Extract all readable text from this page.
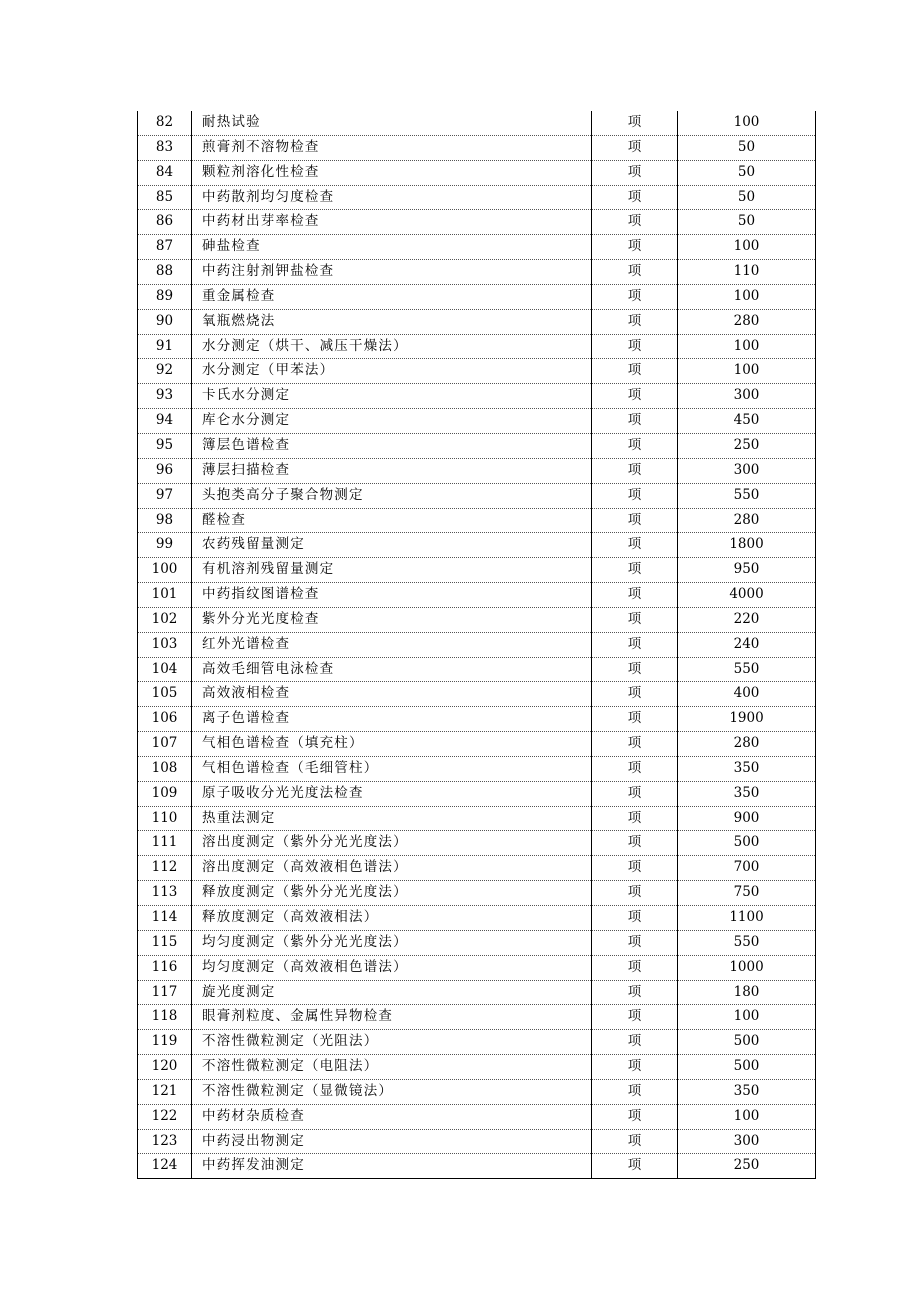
82	耐热试验	项	100
83	煎膏剂不溶物检查	项	50
84	颗粒剂溶化性检查	项	50
85	中药散剂均匀度检查	项	50
86	中药材出芽率检查	项	50
87	砷盐检查	项	100
88	中药注射剂钾盐检查	项	110
89	重金属检查	项	100
90	氧瓶燃烧法	项	280
91	水分测定（烘干、减压干燥法）	项	100
92	水分测定（甲苯法）	项	100
93	卡氏水分测定	项	300
94	库仑水分测定	项	450
95	簿层色谱检查	项	250
96	薄层扫描检查	项	300
97	头抱类高分子聚合物测定	项	550
98	醛检查	项	280
99	农药残留量测定	项	1800
100	有机溶剂残留量测定	项	950
101	中药指纹图谱检查	项	4000
102	紫外分光光度检查	项	220
103	红外光谱检查	项	240
104	高效毛细管电泳检查	项	550
105	高效液相检查	项	400
106	离子色谱检查	项	1900
107	气相色谱检查（填充柱）	项	280
108	气相色谱检查（毛细管柱）	项	350
109	原子吸收分光光度法检查	项	350
110	热重法测定	项	900
111	溶出度测定（紫外分光光度法）	项	500
112	溶出度测定（高效液相色谱法）	项	700
113	释放度测定（紫外分光光度法）	项	750
114	释放度测定（高效液相法）	项	1100
115	均匀度测定（紫外分光光度法）	项	550
116	均匀度测定（高效液相色谱法）	项	1000
117	旋光度测定	项	180
118	眼膏剂粒度、金属性异物检查	项	100
119	不溶性微粒测定（光阻法）	项	500
120	不溶性微粒测定（电阻法）	项	500
121	不溶性微粒测定（显微镜法）	项	350
122	中药材杂质检查	项	100
123	中药浸出物测定	项	300
124	中药挥发油测定	项	250
